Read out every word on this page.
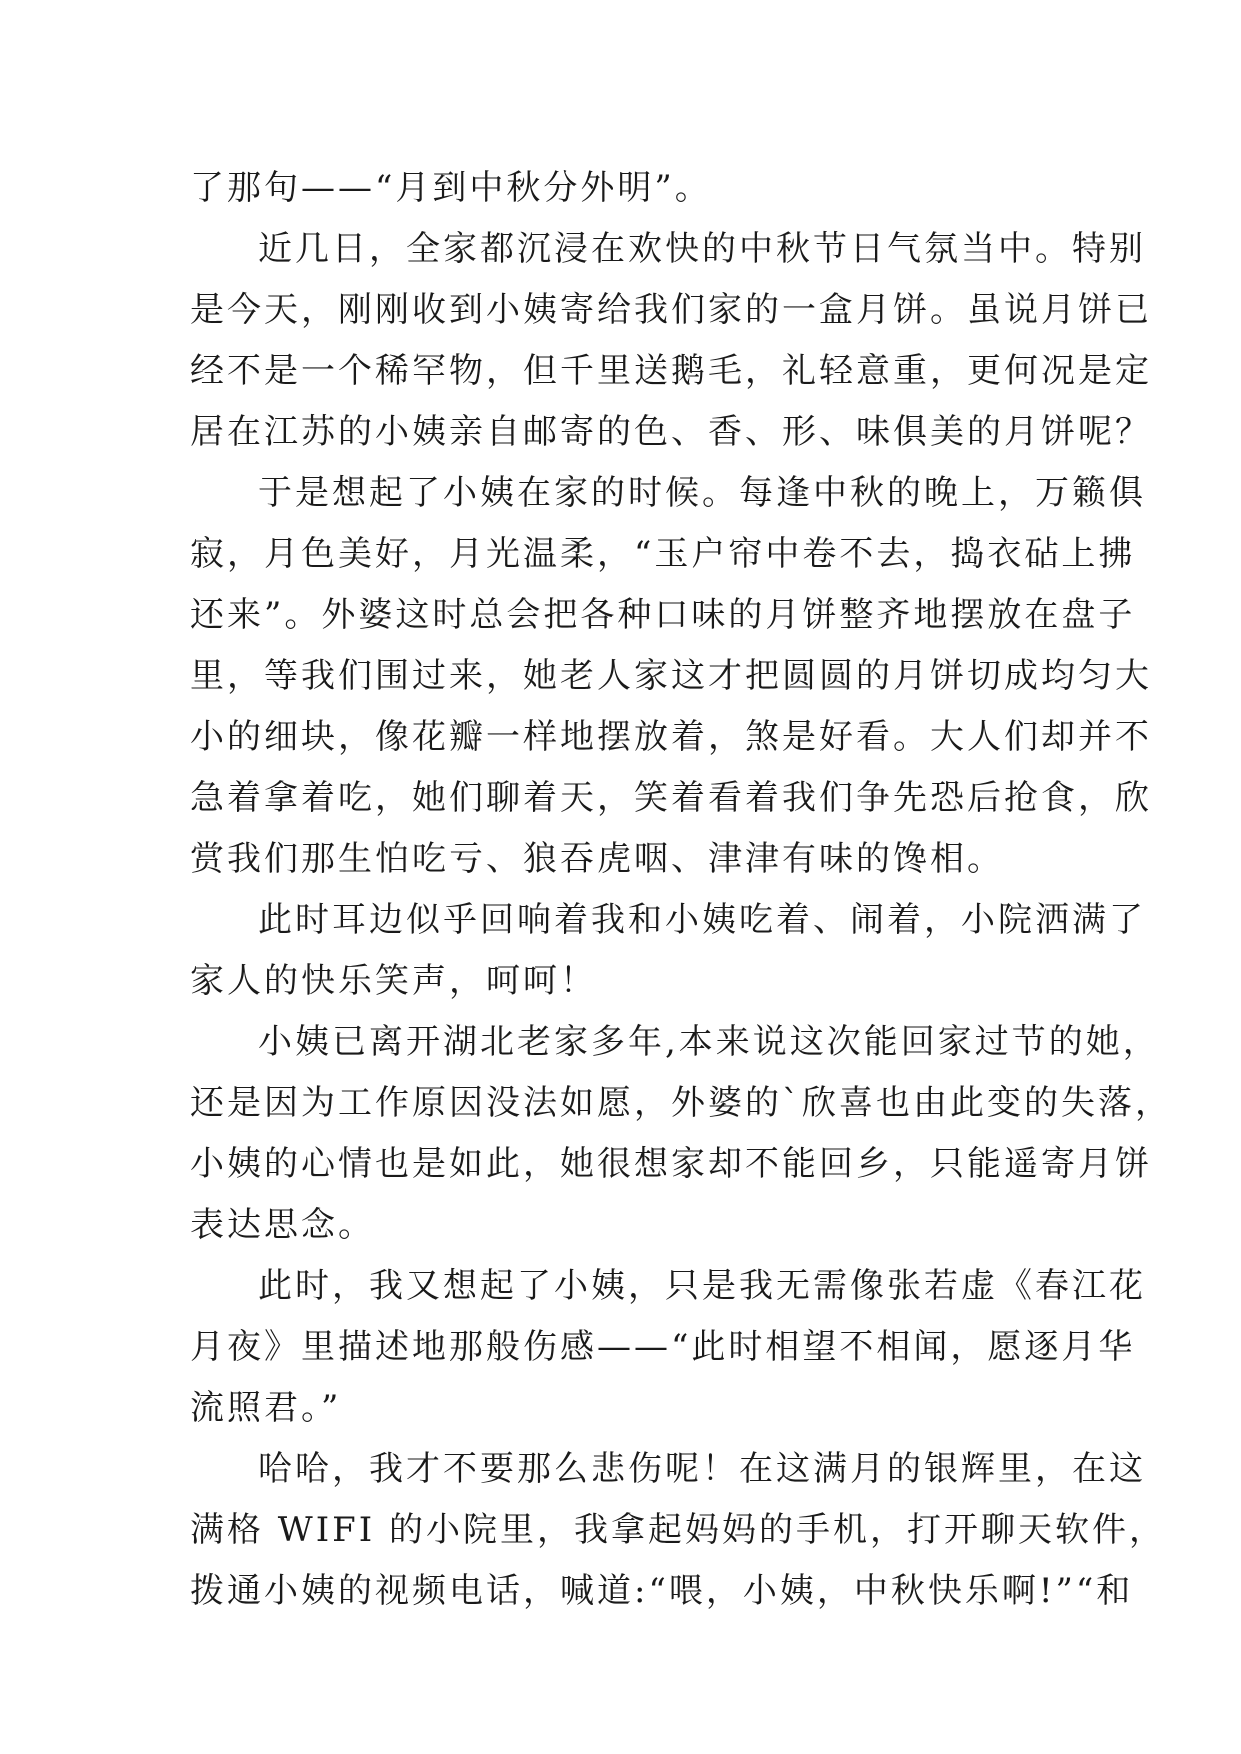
了那句——“月到中秋分外明”。
近几日，全家都沉浸在欢快的中秋节日气氛当中。特别
是今天，刚刚收到小姨寄给我们家的一盒月饼。虽说月饼已
经不是一个稀罕物，但千里送鹅毛，礼轻意重，更何况是定
居在江苏的小姨亲自邮寄的色、香、形、味俱美的月饼呢？
于是想起了小姨在家的时候。每逢中秋的晚上，万籁俱
寂，月色美好，月光温柔，“玉户帘中卷不去，捣衣砧上拂
还来”。外婆这时总会把各种口味的月饼整齐地摆放在盘子
里，等我们围过来，她老人家这才把圆圆的月饼切成均匀大
小的细块，像花瓣一样地摆放着，煞是好看。大人们却并不
急着拿着吃，她们聊着天，笑着看着我们争先恐后抢食，欣
赏我们那生怕吃亏、狼吞虎咽、津津有味的馋相。
此时耳边似乎回响着我和小姨吃着、闹着，小院洒满了
家人的快乐笑声，呵呵！
小姨已离开湖北老家多年,本来说这次能回家过节的她，
还是因为工作原因没法如愿，外婆的`欣喜也由此变的失落，
小姨的心情也是如此，她很想家却不能回乡，只能遥寄月饼
表达思念。
此时，我又想起了小姨，只是我无需像张若虚《春江花
月夜》里描述地那般伤感——“此时相望不相闻，愿逐月华
流照君。”
哈哈，我才不要那么悲伤呢！在这满月的银辉里，在这
满格 WIFI 的小院里，我拿起妈妈的手机，打开聊天软件，
拨通小姨的视频电话，喊道:“喂，小姨，中秋快乐啊!”“和
